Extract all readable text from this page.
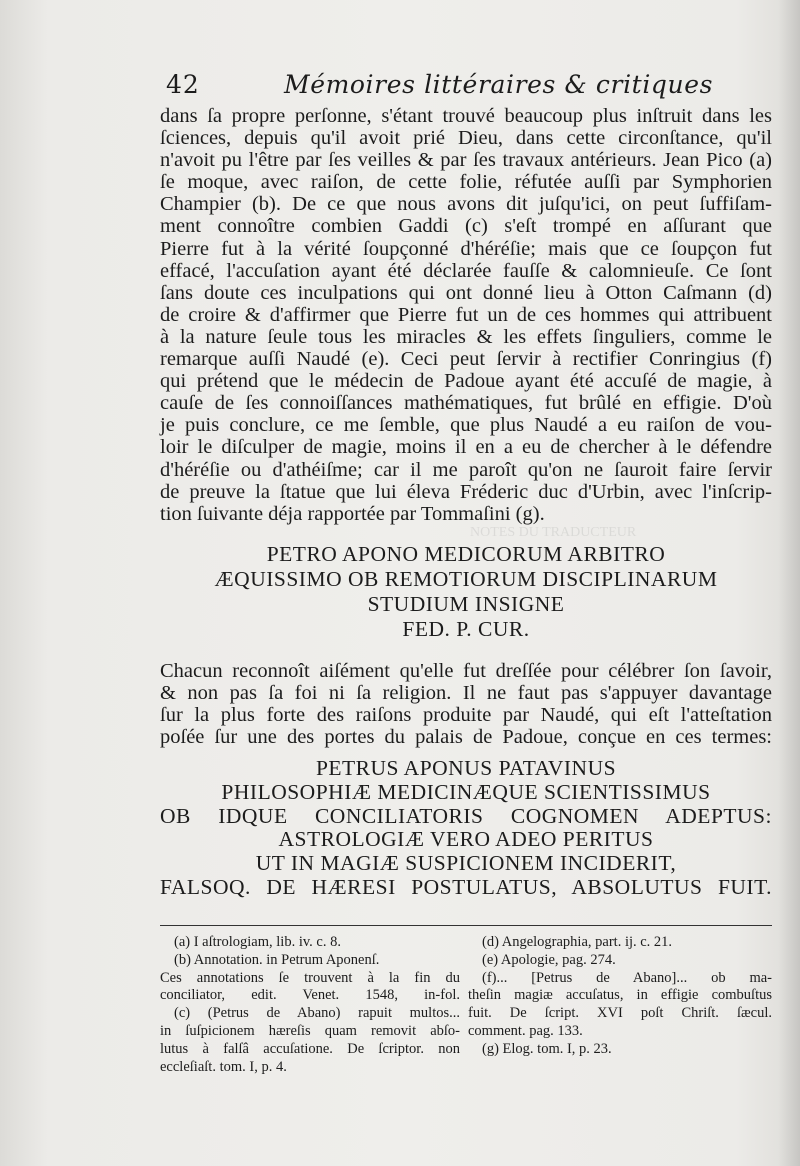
NOTES DU TRADUCTEUR
42	Mémoires littéraires & critiques
dans ſa propre perſonne, s'étant trouvé beaucoup plus inſtruit dans les
ſciences, depuis qu'il avoit prié Dieu, dans cette circonſtance, qu'il
n'avoit pu l'être par ſes veilles & par ſes travaux antérieurs. Jean Pico (a)
ſe moque, avec raiſon, de cette folie, réfutée auſſi par Symphorien
Champier (b). De ce que nous avons dit juſqu'ici, on peut ſuffiſam-
ment connoître combien Gaddi (c) s'eſt trompé en aſſurant que
Pierre fut à la vérité ſoupçonné d'héréſie; mais que ce ſoupçon fut
effacé, l'accuſation ayant été déclarée fauſſe & calomnieuſe. Ce ſont
ſans doute ces inculpations qui ont donné lieu à Otton Caſmann (d)
de croire & d'affirmer que Pierre fut un de ces hommes qui attribuent
à la nature ſeule tous les miracles & les effets ſinguliers, comme le
remarque auſſi Naudé (e). Ceci peut ſervir à rectifier Conringius (f)
qui prétend que le médecin de Padoue ayant été accuſé de magie, à
cauſe de ſes connoiſſances mathématiques, fut brûlé en effigie. D'où
je puis conclure, ce me ſemble, que plus Naudé a eu raiſon de vou-
loir le diſculper de magie, moins il en a eu de chercher à le défendre
d'héréſie ou d'athéiſme; car il me paroît qu'on ne ſauroit faire ſervir
de preuve la ſtatue que lui éleva Fréderic duc d'Urbin, avec l'inſcrip-
tion ſuivante déja rapportée par Tommaſini (g).
PETRO APONO MEDICORUM ARBITRO
ÆQUISSIMO OB REMOTIORUM DISCIPLINARUM
STUDIUM INSIGNE
FED. P. CUR.
Chacun reconnoît aiſément qu'elle fut dreſſée pour célébrer ſon ſavoir,
& non pas ſa foi ni ſa religion. Il ne faut pas s'appuyer davantage
ſur la plus forte des raiſons produite par Naudé, qui eſt l'atteſtation
poſée ſur une des portes du palais de Padoue, conçue en ces termes:
PETRUS APONUS PATAVINUS
PHILOSOPHIÆ MEDICINÆQUE SCIENTISSIMUS
OB IDQUE CONCILIATORIS COGNOMEN ADEPTUS:
ASTROLOGIÆ VERO ADEO PERITUS
UT IN MAGIÆ SUSPICIONEM INCIDERIT,
FALSOQ. DE HÆRESI POSTULATUS, ABSOLUTUS FUIT.
(a) I aſtrologiam, lib. iv. c. 8.
(b) Annotation. in Petrum Aponenſ.
Ces annotations ſe trouvent à la fin du
conciliator, edit. Venet. 1548, in-fol.
(c) (Petrus de Abano) rapuit multos...
in ſuſpicionem hæreſis quam removit abſo-
lutus à falſâ accuſatione. De ſcriptor. non
eccleſiaſt. tom. I, p. 4.
(d) Angelographia, part. ij. c. 21.
(e) Apologie, pag. 274.
(f)... [Petrus de Abano]... ob ma-
theſin magiæ accuſatus, in effigie combuſtus
fuit. De ſcript. XVI poſt Chriſt. ſæcul.
comment. pag. 133.
(g) Elog. tom. I, p. 23.
